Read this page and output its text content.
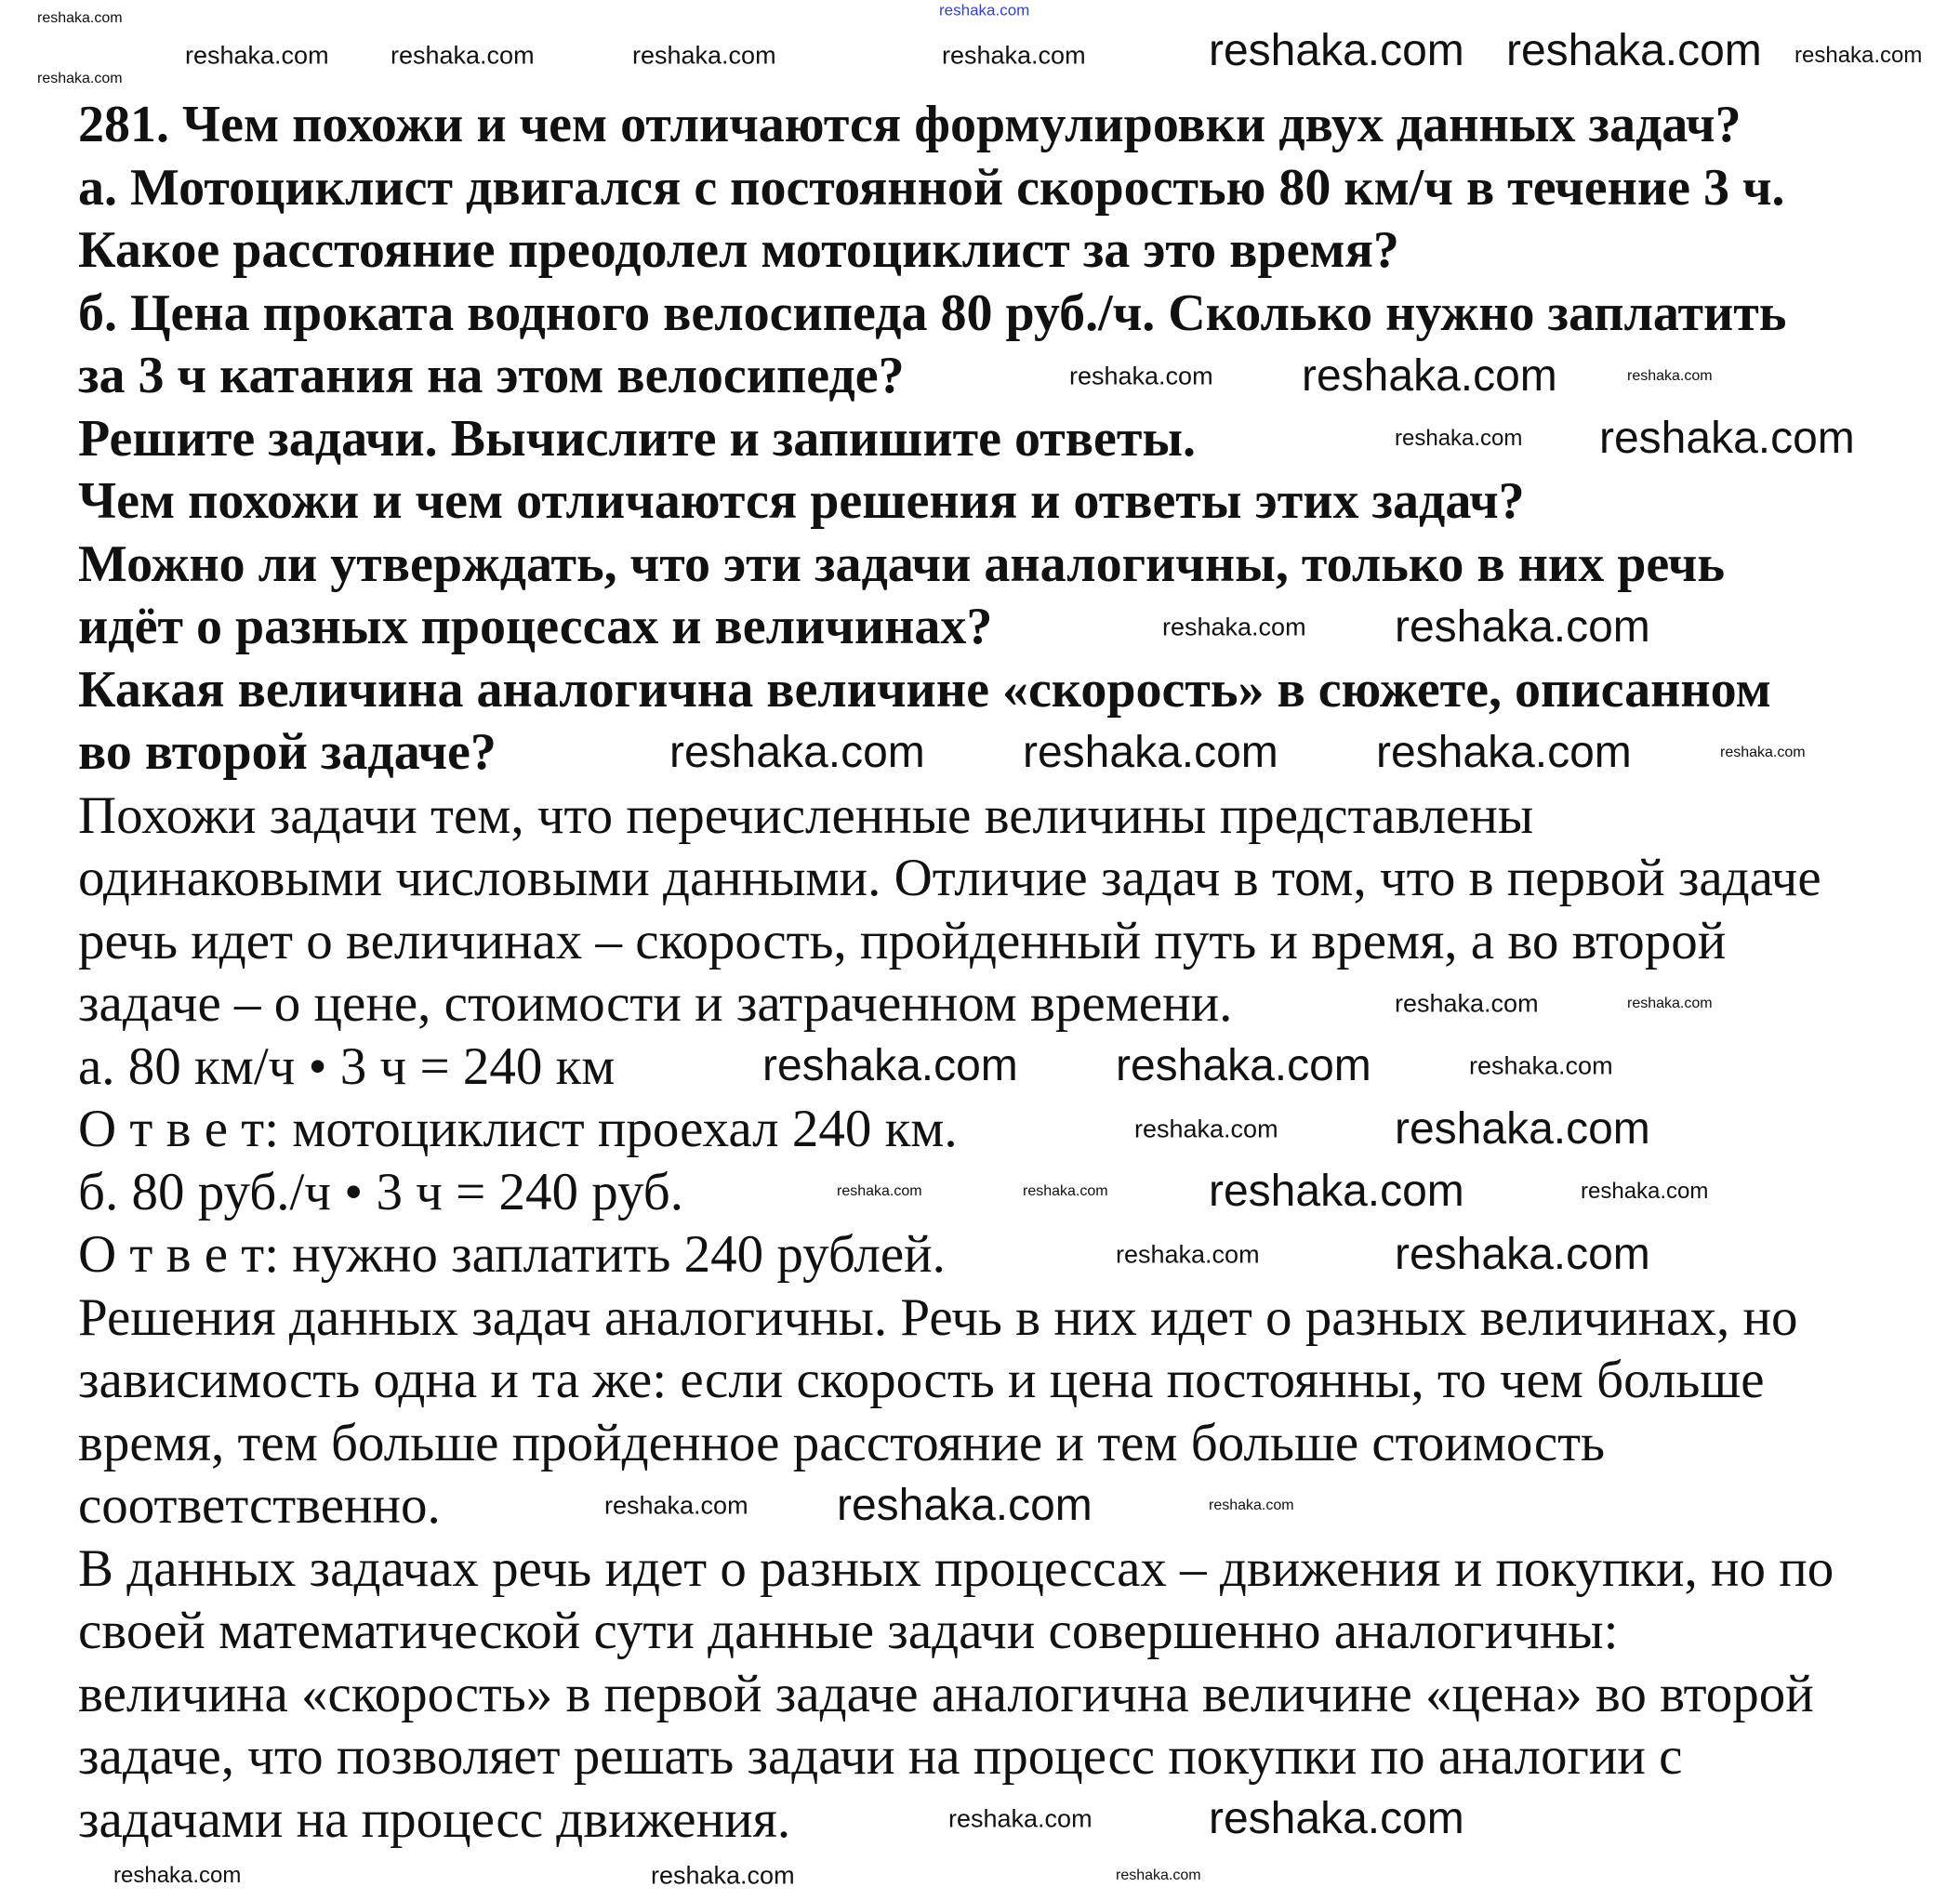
281. Чем похожи и чем отличаются формулировки двух данных задач?
а. Мотоциклист двигался с постоянной скоростью 80 км/ч в течение 3 ч.
Какое расстояние преодолел мотоциклист за это время?
б. Цена проката водного велосипеда 80 руб./ч. Сколько нужно заплатить
за 3 ч катания на этом велосипеде?
Решите задачи. Вычислите и запишите ответы.
Чем похожи и чем отличаются решения и ответы этих задач?
Можно ли утверждать, что эти задачи аналогичны, только в них речь
идёт о разных процессах и величинах?
Какая величина аналогична величине «скорость» в сюжете, описанном
во второй задаче?
Похожи задачи тем, что перечисленные величины представлены
одинаковыми числовыми данными. Отличие задач в том, что в первой задаче
речь идет о величинах – скорость, пройденный путь и время, а во второй
задаче – о цене, стоимости и затраченном времени.
а. 80 км/ч • 3 ч = 240 км
О т в е т: мотоциклист проехал 240 км.
б. 80 руб./ч • 3 ч = 240 руб.
О т в е т: нужно заплатить 240 рублей.
Решения данных задач аналогичны. Речь в них идет о разных величинах, но
зависимость одна и та же: если скорость и цена постоянны, то чем больше
время, тем больше пройденное расстояние и тем больше стоимость
соответственно.
В данных задачах речь идет о разных процессах – движения и покупки, но по
своей математической сути данные задачи совершенно аналогичны:
величина «скорость» в первой задаче аналогична величине «цена» во второй
задаче, что позволяет решать задачи на процесс покупки по аналогии с
задачами на процесс движения.
reshaka.com
reshaka.com reshaka.com	reshaka.com	reshaka.com	reshaka.com reshaka.com reshaka.com
reshaka.com
reshaka.com
reshaka.com reshaka.com	reshaka.com
reshaka.com reshaka.com
reshaka.com reshaka.com
reshaka.com reshaka.com reshaka.com	reshaka.com
reshaka.com	reshaka.com
reshaka.com reshaka.com	reshaka.com
reshaka.com	reshaka.com
reshaka.com	reshaka.com reshaka.com	reshaka.com
reshaka.com	reshaka.com
reshaka.com reshaka.com	reshaka.com
reshaka.com	reshaka.com
reshaka.com	reshaka.com	reshaka.com
